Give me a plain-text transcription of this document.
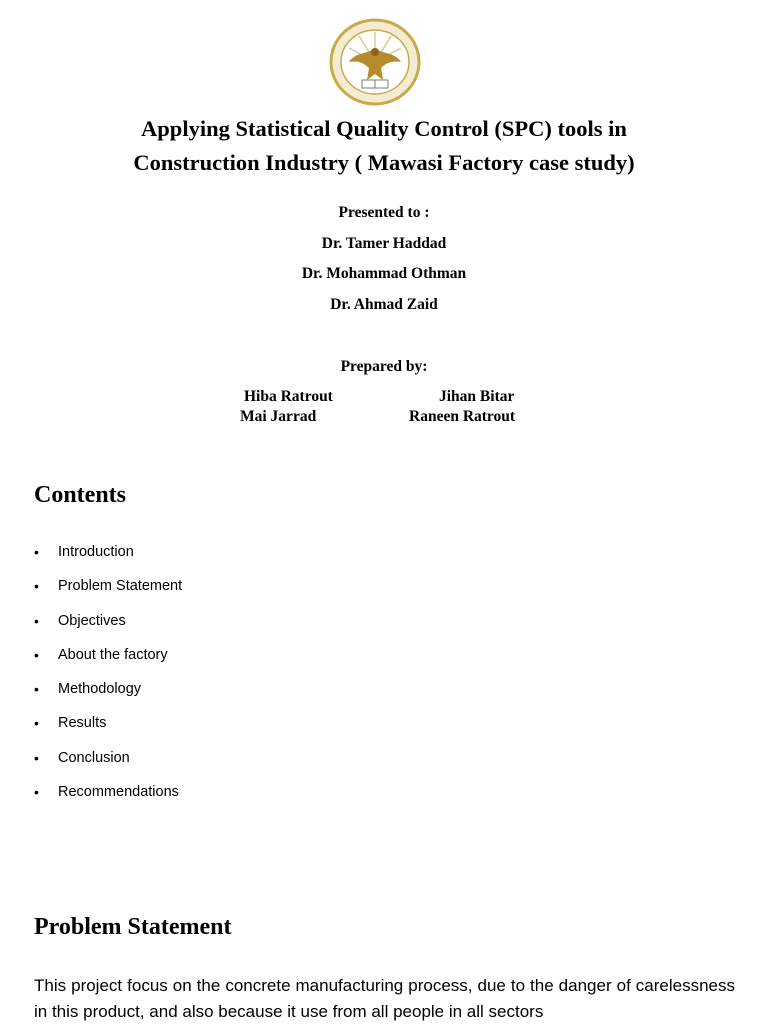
Applying Statistical Quality Control (SPC) tools in
Construction Industry ( Mawasi Factory case study)
Presented to :
Dr. Tamer Haddad
Dr. Mohammad Othman
Dr. Ahmad Zaid
Prepared by:
Hiba Ratrout	Jihan Bitar
Mai Jarrad	Raneen Ratrout
Contents
• Introduction
• Problem Statement
• Objectives
• About the factory
• Methodology
• Results
• Conclusion
• Recommendations
Problem Statement
This project focus on the concrete manufacturing process, due to the danger of carelessness in this product, and also because it use from all people in all sectors
